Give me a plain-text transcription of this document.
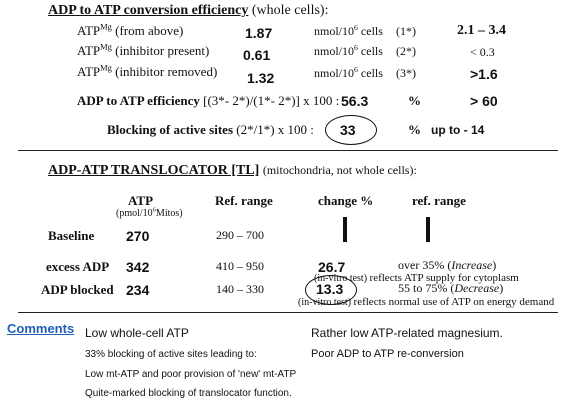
ADP to ATP conversion efficiency (whole cells):
$ATP^{Mg}$ (from above)	1.87	nmol/$10^6$ cells (1*)	2.1 – 3.4
$ATP^{Mg}$ (inhibitor present) 0.61	nmol/$10^6$ cells (2*)	< 0.3
$ATP^{Mg}$ (inhibitor removed) 1.32	nmol/$10^6$ cells (3*)	>1.6
ADP to ATP efficiency [(3*- 2*)/(1*- 2*)] x 100 : 56.3	%	> 60
Blocking of active sites (2*/1*) x 100 : 33	% up to - 14
ADP-ATP TRANSLOCATOR [TL] (mitochondria, not whole cells):
ATP
$(pmol/10^6Mitos)$
Ref. range	change %	ref. range
Baseline 270	290 – 700
excess ADP 342	410 – 950	26.7	over 35% (Increase)
(in-vitro test) reflects ATP supply for cytoplasm
ADP blocked 234	140 – 330	13.3	55 to 75% (Decrease)
(in-vitro test) reflects normal use of ATP on energy demand
Comments Low whole-cell ATP	Rather low ATP-related magnesium.
33% blocking of active sites leading to:	Poor ADP to ATP re-conversion
Low mt-ATP and poor provision of 'new' mt-ATP
Quite-marked blocking of translocator function.
